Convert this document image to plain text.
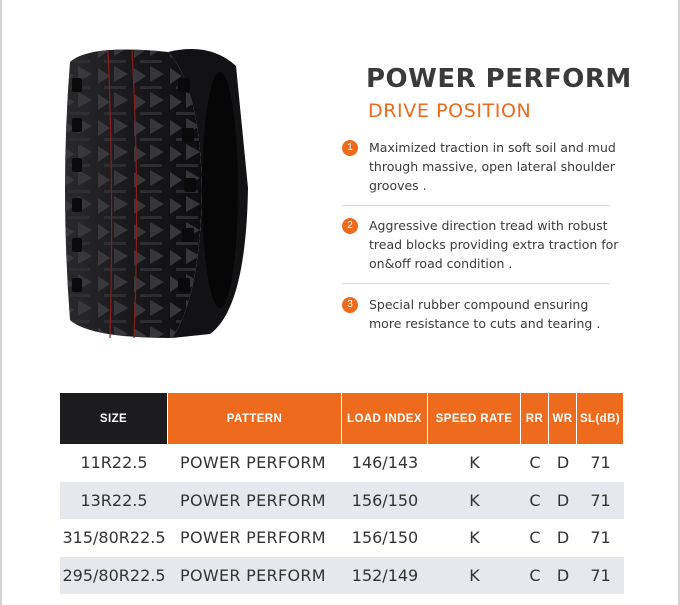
POWER PERFORM
DRIVE POSITION
1	Maximized traction in soft soil and mud through massive, open lateral shoulder grooves .
2	Aggressive direction tread with robust tread blocks providing extra traction for on&off road condition .
3	Special rubber compound ensuring more resistance to cuts and tearing .
SIZE	PATTERN	LOAD INDEX	SPEED RATE	RR WR SL(dB)
11R22.5	POWER PERFORM	146/143	K	C	D	71
13R22.5	POWER PERFORM	156/150	K	C	D	71
315/80R22.5 POWER PERFORM	156/150	K	C	D	71
295/80R22.5 POWER PERFORM	152/149	K	C	D	71
